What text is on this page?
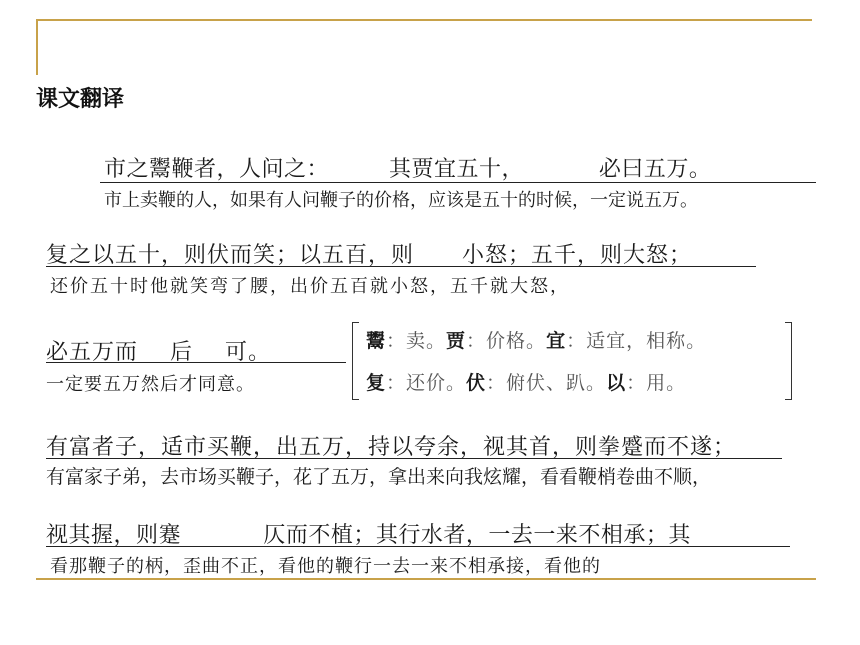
课文翻译
市之鬻鞭者，人问之：        其贾宜五十，          必曰五万。
市上卖鞭的人，如果有人问鞭子的价格，应该是五十的时候，一定说五万。
复之以五十，则伏而笑；以五百，则      小怒；五千，则大怒；
还价五十时他就笑弯了腰，出价五百就小怒，五千就大怒，
必五万而    后    可。
一定要五万然后才同意。
鬻：卖。贾：价格。宜：适宜，相称。
复：还价。伏：俯伏、趴。以：用。
有富者子，适市买鞭，出五万，持以夸余，视其首，则拳蹙而不遂；
有富家子弟，去市场买鞭子，花了五万，拿出来向我炫耀，看看鞭梢卷曲不顺，
视其握，则蹇           仄而不植；其行水者，一去一来不相承；其
看那鞭子的柄，歪曲不正，看他的鞭行一去一来不相承接，看他的
